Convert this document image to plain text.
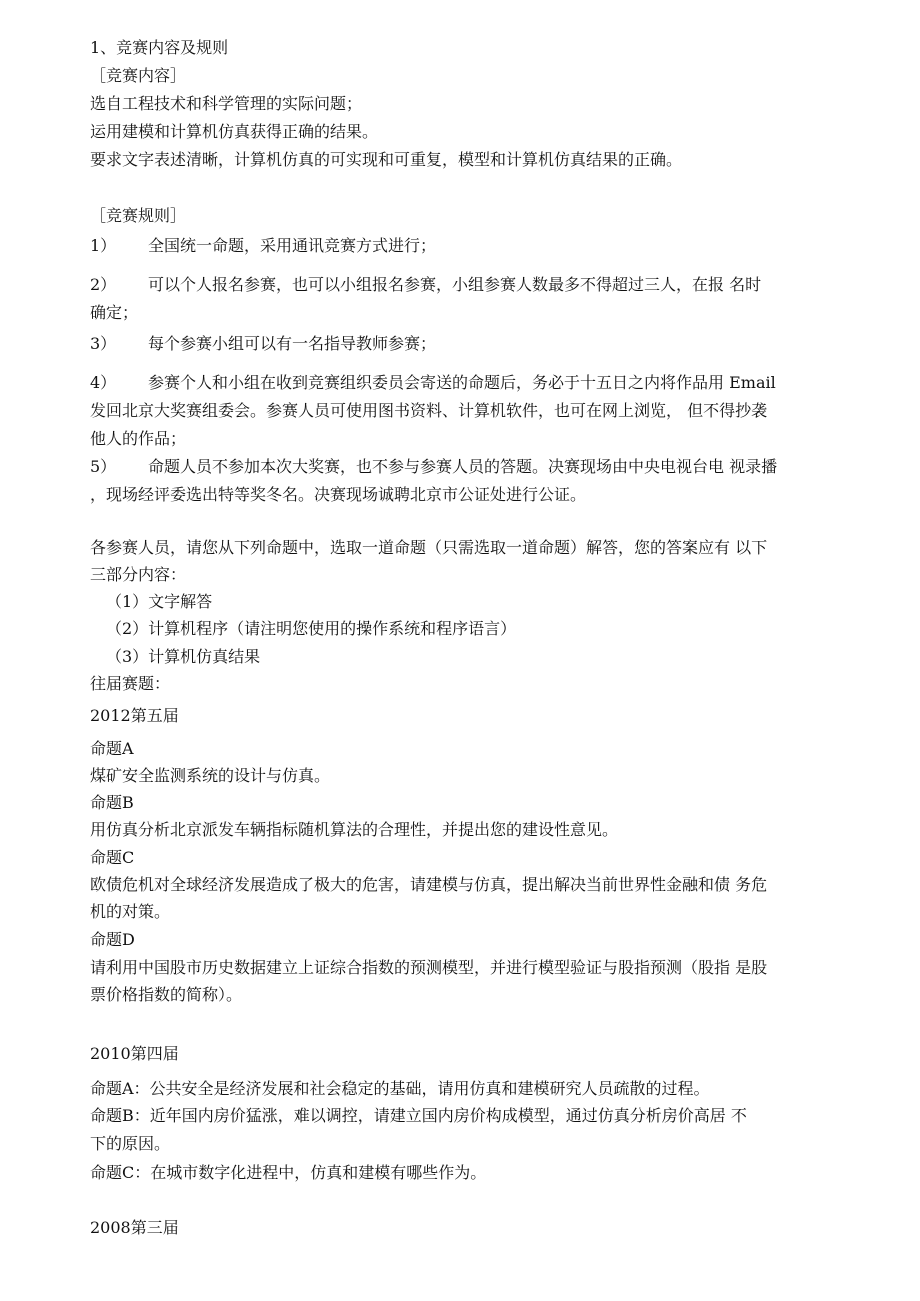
1、竞赛内容及规则
［竞赛内容］
选自工程技术和科学管理的实际问题；
运用建模和计算机仿真获得正确的结果。
要求文字表述清晰，计算机仿真的可实现和可重复，模型和计算机仿真结果的正确。
［竞赛规则］
1） 全国统一命题，采用通讯竞赛方式进行；
2） 可以个人报名参赛，也可以小组报名参赛，小组参赛人数最多不得超过三人，在报 名时
确定；
3） 每个参赛小组可以有一名指导教师参赛；
4） 参赛个人和小组在收到竞赛组织委员会寄送的命题后，务必于十五日之内将作品用 Email
发回北京大奖赛组委会。参赛人员可使用图书资料、计算机软件，也可在网上浏览， 但不得抄袭
他人的作品；
5） 命题人员不参加本次大奖赛，也不参与参赛人员的答题。决赛现场由中央电视台电 视录播
，现场经评委选出特等奖冬名。决赛现场诚聘北京市公证处进行公证。
各参赛人员，请您从下列命题中，选取一道命题（只需选取一道命题）解答，您的答案应有 以下
三部分内容：
（1）文字解答
（2）计算机程序（请注明您使用的操作系统和程序语言）
（3）计算机仿真结果
往届赛题：
2012第五届
命题A
煤矿安全监测系统的设计与仿真。
命题B
用仿真分析北京派发车辆指标随机算法的合理性，并提出您的建设性意见。
命题C
欧债危机对全球经济发展造成了极大的危害，请建模与仿真，提出解决当前世界性金融和债 务危
机的对策。
命题D
请利用中国股市历史数据建立上证综合指数的预测模型，并进行模型验证与股指预测（股指 是股
票价格指数的简称）。
2010第四届
命题A：公共安全是经济发展和社会稳定的基础，请用仿真和建模研究人员疏散的过程。
命题B：近年国内房价猛涨，难以调控，请建立国内房价构成模型，通过仿真分析房价高居 不
下的原因。
命题C：在城市数字化进程中，仿真和建模有哪些作为。
2008第三届
